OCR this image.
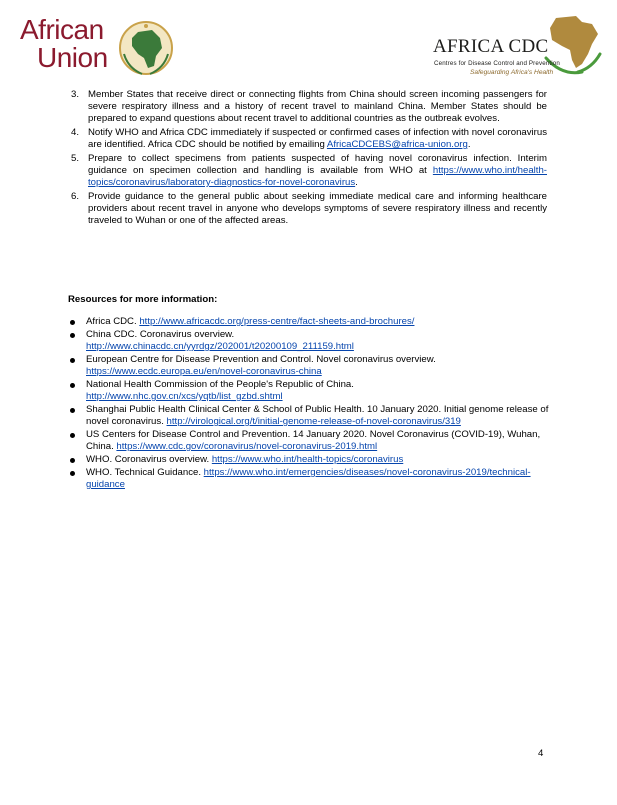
African
Union	AFRICA CDC
Centres for Disease Control and Prevention
Safeguarding Africa's Health
3. Member States that receive direct or connecting flights from China should screen incoming passengers for severe respiratory illness and a history of recent travel to mainland China. Member States should be prepared to expand questions about recent travel to additional countries as the outbreak evolves.
4. Notify WHO and Africa CDC immediately if suspected or confirmed cases of infection with novel coronavirus are identified. Africa CDC should be notified by emailing AfricaCDCEBS@africa-union.org.
5. Prepare to collect specimens from patients suspected of having novel coronavirus infection. Interim guidance on specimen collection and handling is available from WHO at https://www.who.int/health-topics/coronavirus/laboratory-diagnostics-for-novel-coronavirus.
6. Provide guidance to the general public about seeking immediate medical care and informing healthcare providers about recent travel in anyone who develops symptoms of severe respiratory illness and recently traveled to Wuhan or one of the affected areas.
Resources for more information:
Africa CDC. http://www.africacdc.org/press-centre/fact-sheets-and-brochures/
China CDC. Coronavirus overview.
http://www.chinacdc.cn/yyrdgz/202001/t20200109_211159.html
European Centre for Disease Prevention and Control. Novel coronavirus overview.
https://www.ecdc.europa.eu/en/novel-coronavirus-china
National Health Commission of the People's Republic of China.
http://www.nhc.gov.cn/xcs/yqtb/list_gzbd.shtml
Shanghai Public Health Clinical Center & School of Public Health. 10 January 2020. Initial genome release of novel coronavirus. http://virological.org/t/initial-genome-release-of-novel-coronavirus/319
US Centers for Disease Control and Prevention. 14 January 2020. Novel Coronavirus (COVID-19), Wuhan, China. https://www.cdc.gov/coronavirus/novel-coronavirus-2019.html
WHO. Coronavirus overview. https://www.who.int/health-topics/coronavirus
WHO. Technical Guidance. https://www.who.int/emergencies/diseases/novel-coronavirus-2019/technical-guidance
4
